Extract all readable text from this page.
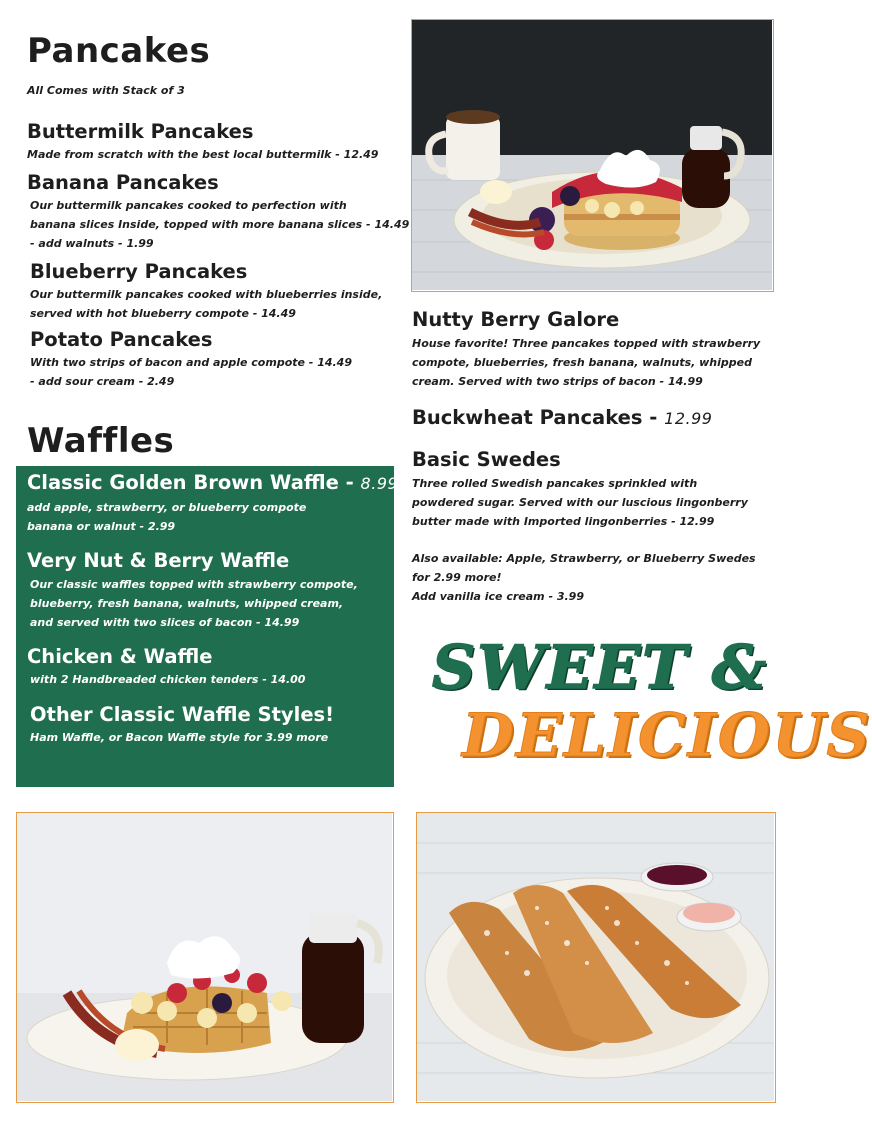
Pancakes

All Comes with Stack of 3

Buttermilk Pancakes

Made from scratch with the best local buttermilk - 12.49

Banana Pancakes

Our buttermilk pancakes cooked to perfection with

banana slices Inside, topped with more banana slices - 14.49

- add walnuts - 1.99

Blueberry Pancakes

Our buttermilk pancakes cooked with blueberries inside,

served with hot blueberry compote - 14.49

Potato Pancakes

With two strips of bacon and apple compote - 14.49

- add sour cream - 2.49

Waffles
Classic Golden Brown Waffle - 8.99

add apple, strawberry, or blueberry compote

banana or walnut - 2.99

Very Nut & Berry Waffle

Our classic waffles topped with strawberry compote,

blueberry, fresh banana, walnuts, whipped cream,

and served with two slices of bacon - 14.99

Chicken & Waffle

with 2 Handbreaded chicken tenders - 14.00

Other Classic Waffle Styles!

Ham Waffle, or Bacon Waffle style for 3.99 more

Nutty Berry Galore

House favorite! Three pancakes topped with strawberry

compote, blueberries, fresh banana, walnuts, whipped

cream. Served with two strips of bacon - 14.99

Buckwheat Pancakes - 12.99
Basic Swedes

Three rolled Swedish pancakes sprinkled with

powdered sugar. Served with our luscious lingonberry

butter made with Imported lingonberries - 12.99

Also available: Apple, Strawberry, or Blueberry Swedes

for 2.99 more!

Add vanilla ice cream - 3.99

SWEET &
DELICIOUS
